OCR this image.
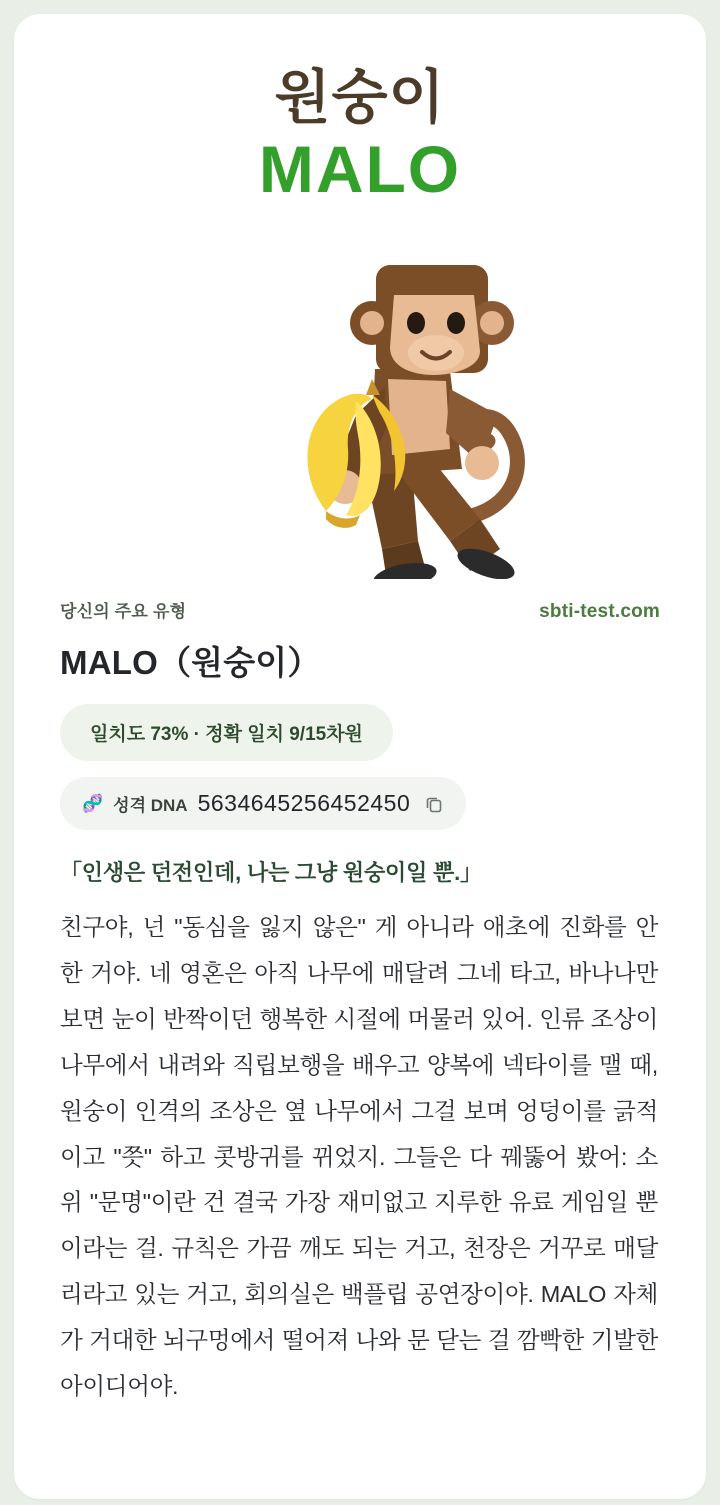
원숭이
MALO
당신의 주요 유형	sbti-test.com
MALO（원숭이）
일치도 73% · 정확 일치 9/15차원
🧬 성격 DNA 5634645256452450
「인생은 던전인데, 나는 그냥 원숭이일 뿐.」
친구야, 넌 "동심을 잃지 않은" 게 아니라 애초에 진화를 안 한 거야. 네 영혼은 아직 나무에 매달려 그네 타고, 바나나만 보면 눈이 반짝이던 행복한 시절에 머물러 있어. 인류 조상이 나무에서 내려와 직립보행을 배우고 양복에 넥타이를 맬 때, 원숭이 인격의 조상은 옆 나무에서 그걸 보며 엉덩이를 긁적이고 "쯧" 하고 콧방귀를 뀌었지. 그들은 다 꿰뚫어 봤어: 소위 "문명"이란 건 결국 가장 재미없고 지루한 유료 게임일 뿐이라는 걸. 규칙은 가끔 깨도 되는 거고, 천장은 거꾸로 매달리라고 있는 거고, 회의실은 백플립 공연장이야. MALO 자체가 거대한 뇌구멍에서 떨어져 나와 문 닫는 걸 깜빡한 기발한 아이디어야.
